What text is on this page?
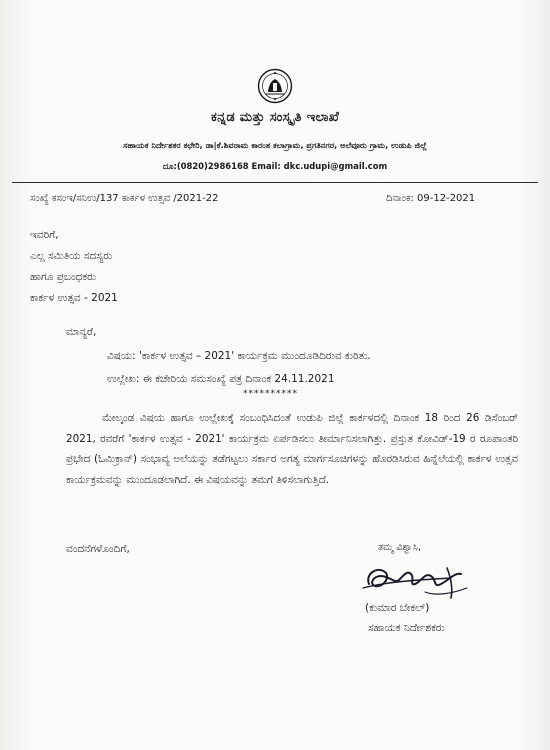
ಕನ್ನಡ ಮತ್ತು ಸಂಸ್ಕೃತಿ ಇಲಾಖೆ
ಸಹಾಯಕ ನಿರ್ದೇಶಕರ ಕಛೇರಿ, ಡಾ|ಕೆ.ಶಿವರಾಮ ಕಾರಂತ ಕಲಾಗ್ರಾಮ, ಪ್ರಗತಿನಗರ, ಅಲೆವೂರು ಗ್ರಾಮ, ಉಡುಪಿ ಜಿಲ್ಲೆ
ದೂ:(0820)2986168 Email: dkc.udupi@gmail.com
ಸಂಖ್ಯೆ ಕಸಂಇ/ಸನಿಉ/137 ಕಾರ್ಕಳ ಉತ್ಸವ /2021-22	ದಿನಾಂಕ: 09-12-2021
ಇವರಿಗೆ,
ಎಲ್ಲ ಸಮಿತಿಯ ಸದಸ್ಯರು
ಹಾಗೂ ಪ್ರಬಂಧಕರು
ಕಾರ್ಕಳ ಉತ್ಸವ - 2021
ಮಾನ್ಯರೆ,
ವಿಷಯ: 'ಕಾರ್ಕಳ ಉತ್ಸವ – 2021' ಕಾರ್ಯಕ್ರಮ ಮುಂದೂಡಿದಿರುವ ಕುರಿತು.
ಉಲ್ಲೇಖ: ಈ ಕಚೇರಿಯ ಸಮಸಂಖ್ಯೆ ಪತ್ರ ದಿನಾಂಕ 24.11.2021
**********
ಮೇಲ್ಕಂಡ ವಿಷಯ ಹಾಗೂ ಉಲ್ಲೇಖಕ್ಕೆ ಸಂಬಂಧಿಸಿದಂತೆ ಉಡುಪಿ ಜಿಲ್ಲೆ ಕಾರ್ಕಳದಲ್ಲಿ ದಿನಾಂಕ 18 ರಿಂದ 26 ಡಿಸೆಂಬರ್ 2021, ರವರೆಗೆ 'ಕಾರ್ಕಳ ಉತ್ಸವ - 2021' ಕಾರ್ಯಕ್ರಮ ಏರ್ಪಡಿಸಲು ತೀರ್ಮಾನಿಸಲಾಗಿತ್ತು. ಪ್ರಸ್ತುತ ಕೋವಿಡ್-19 ರ ರೂಪಾಂತರಿ ಪ್ರಭೇದ (ಓಮಿಕ್ರಾನ್) ಸಂಭಾವ್ಯ ಅಲೆಯನ್ನು ತಡೆಗಟ್ಟಲು ಸರ್ಕಾರ ಅಗತ್ಯ ಮಾರ್ಗಸೂಚಿಗಳನ್ನು ಹೊರಡಿಸಿರುವ ಹಿನ್ನೆಲೆಯಲ್ಲಿ ಕಾರ್ಕಳ ಉತ್ಸವ ಕಾರ್ಯಕ್ರಮವನ್ನು ಮುಂದೂಡಲಾಗಿದೆ. ಈ ವಿಷಯವನ್ನು ತಮಗೆ ತಿಳಿಸಲಾಗುತ್ತಿದೆ.
ವಂದನೆಗಳೊಂದಿಗೆ,	ತಮ್ಮ ವಿಶ್ವಾಸಿ,
(ಕುಮಾರ ಬೇಕಲ್)
ಸಹಾಯಕ ನಿರ್ದೇಶಕರು
